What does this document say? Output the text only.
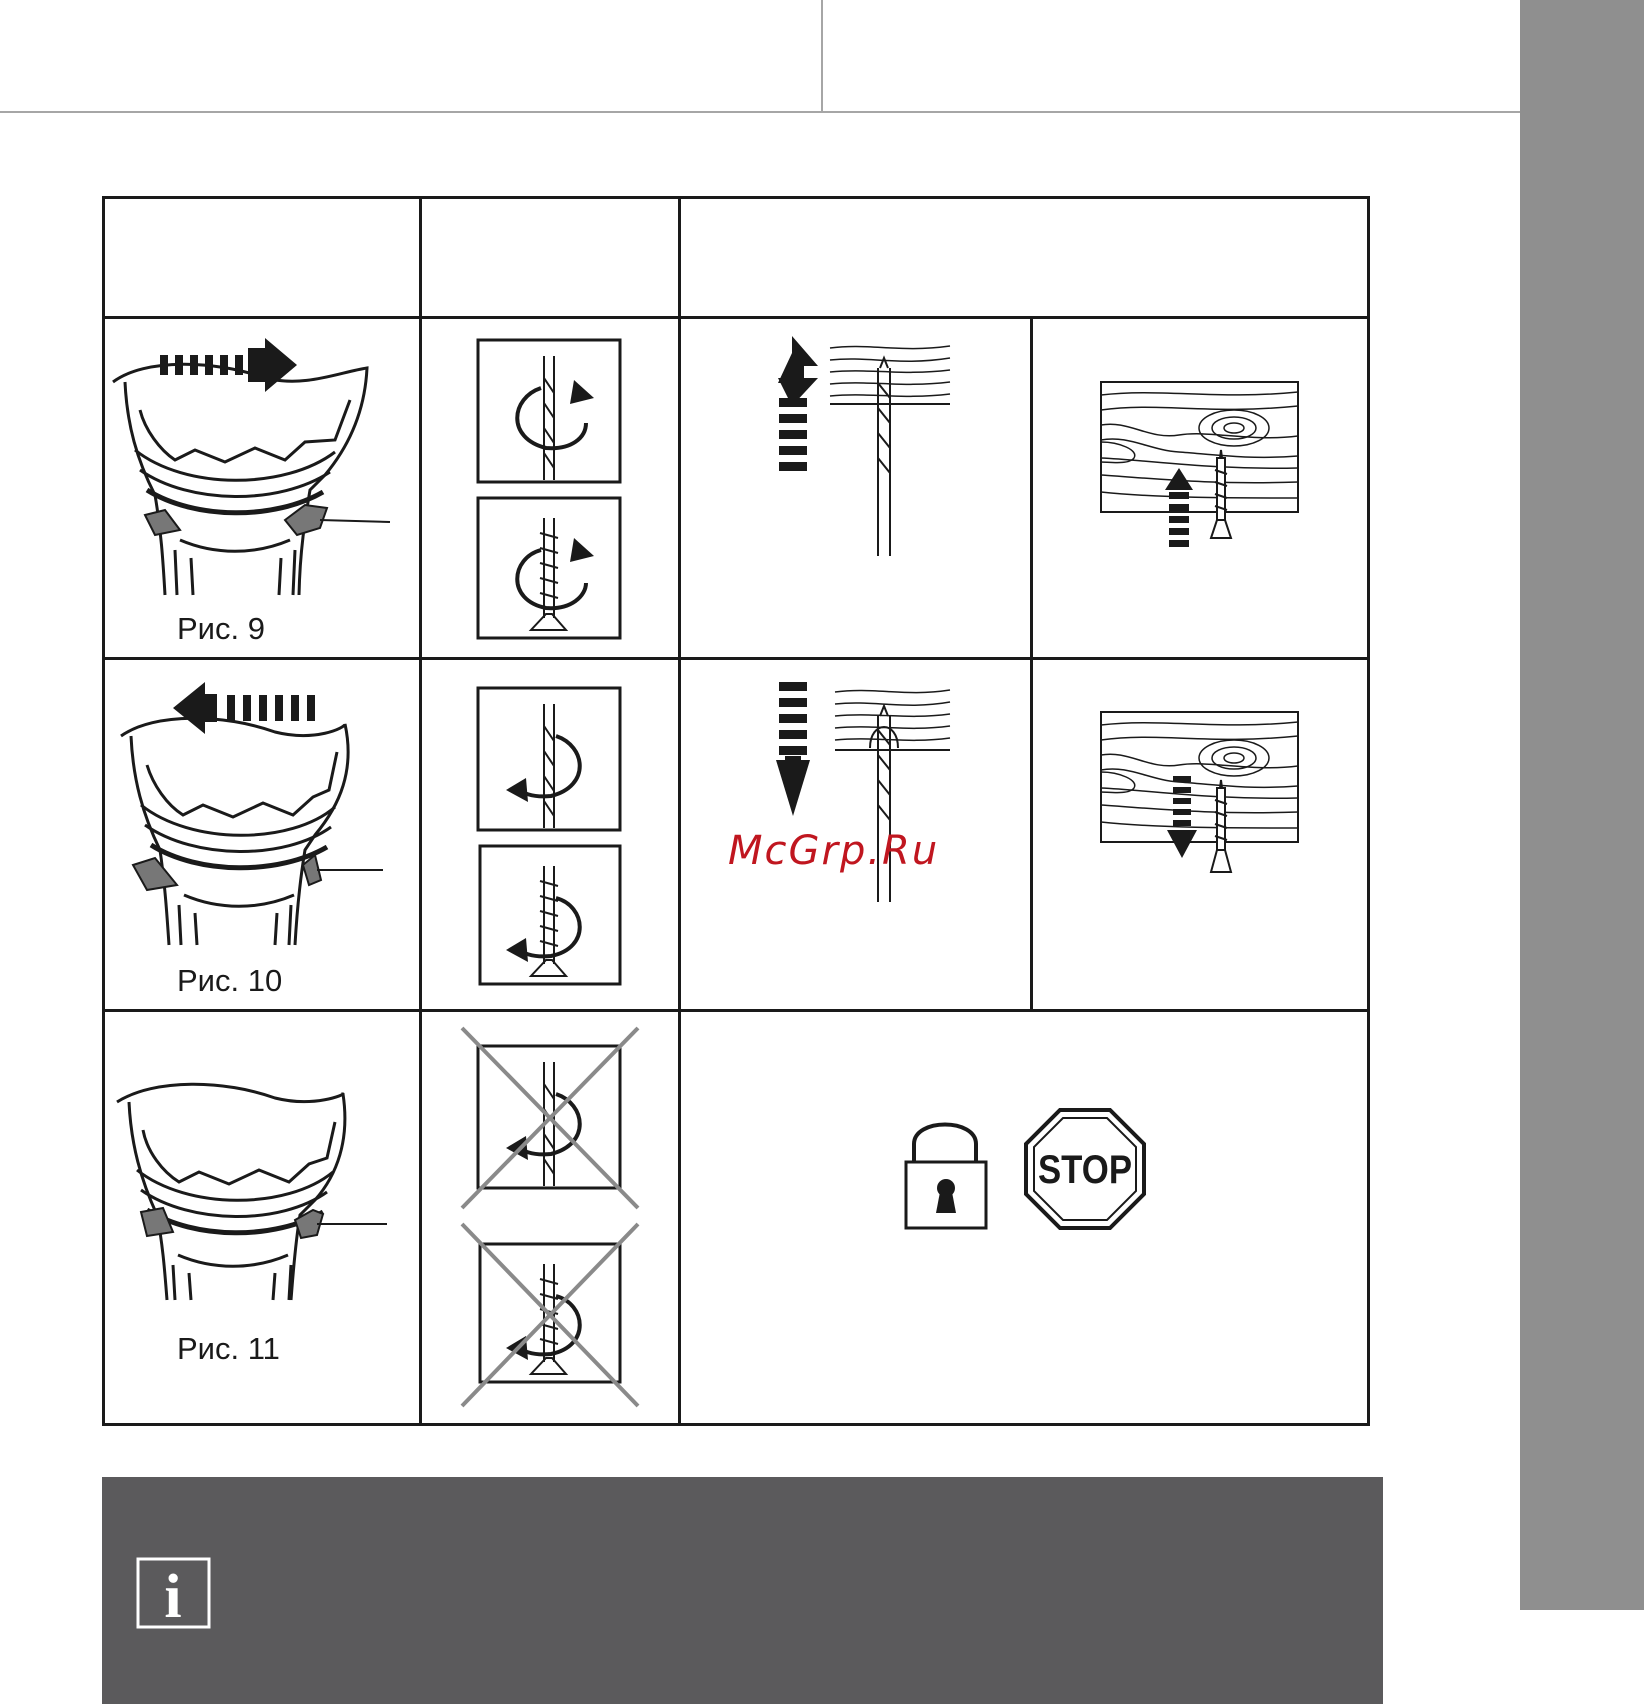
Рис. 9
Рис. 10
McGrp.Ru
Рис. 11
STOP
i
